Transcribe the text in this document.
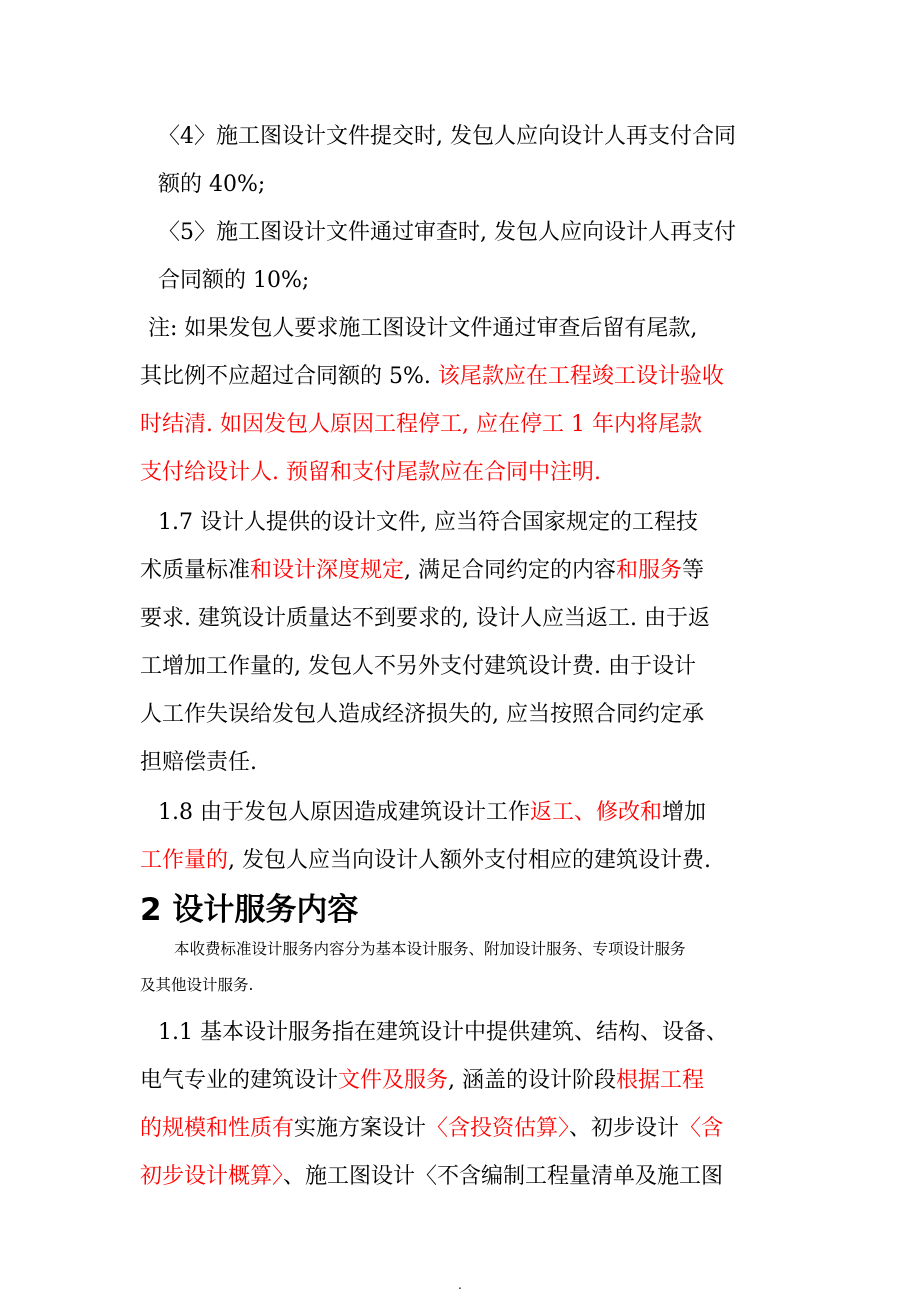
〈4〉施工图设计文件提交时, 发包人应向设计人再支付合同

额的 40%;

〈5〉施工图设计文件通过审查时, 发包人应向设计人再支付

合同额的 10%;

注: 如果发包人要求施工图设计文件通过审查后留有尾款,

其比例不应超过合同额的 5%. 该尾款应在工程竣工设计验收

时结清. 如因发包人原因工程停工, 应在停工 1 年内将尾款

支付给设计人. 预留和支付尾款应在合同中注明.

1.7 设计人提供的设计文件, 应当符合国家规定的工程技

术质量标准和设计深度规定, 满足合同约定的内容和服务等

要求. 建筑设计质量达不到要求的, 设计人应当返工. 由于返

工增加工作量的, 发包人不另外支付建筑设计费. 由于设计

人工作失误给发包人造成经济损失的, 应当按照合同约定承

担赔偿责任.

1.8 由于发包人原因造成建筑设计工作返工、修改和增加

工作量的, 发包人应当向设计人额外支付相应的建筑设计费.

2 设计服务内容

本收费标准设计服务内容分为基本设计服务、附加设计服务、专项设计服务

及其他设计服务.

1.1 基本设计服务指在建筑设计中提供建筑、结构、设备、

电气专业的建筑设计文件及服务, 涵盖的设计阶段根据工程

的规模和性质有实施方案设计〈含投资估算〉、初步设计〈含

初步设计概算〉、施工图设计〈不含编制工程量清单及施工图

.
